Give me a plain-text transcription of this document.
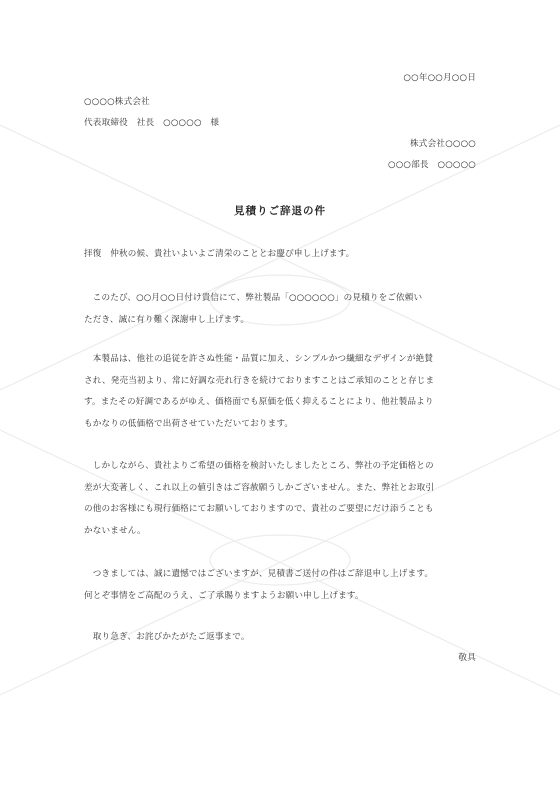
○○年○○月○○日
○○○○株式会社
代表取締役　社長　○○○○○　様
株式会社○○○○
○○○部長　○○○○○
見積りご辞退の件
拝復　仲秋の候、貴社いよいよご清栄のこととお慶び申し上げます。
　このたび、○○月○○日付け貴信にて、弊社製品「○○○○○○」の見積りをご依頼い
ただき、誠に有り難く深謝申し上げます。
　本製品は、他社の追従を許さぬ性能・品質に加え、シンプルかつ繊細なデザインが絶賛
され、発売当初より、常に好調な売れ行きを続けておりますことはご承知のことと存じま
す。またその好調であるがゆえ、価格面でも原価を低く抑えることにより、他社製品より
もかなりの低価格で出荷させていただいております。
　しかしながら、貴社よりご希望の価格を検討いたしましたところ、弊社の予定価格との
差が大変著しく、これ以上の値引きはご容赦願うしかございません。また、弊社とお取引
の他のお客様にも現行価格にてお願いしておりますので、貴社のご要望にだけ添うことも
かないません。
　つきましては、誠に遺憾ではございますが、見積書ご送付の件はご辞退申し上げます。
何とぞ事情をご高配のうえ、ご了承賜りますようお願い申し上げます。
　取り急ぎ、お詫びかたがたご返事まで。
敬具
